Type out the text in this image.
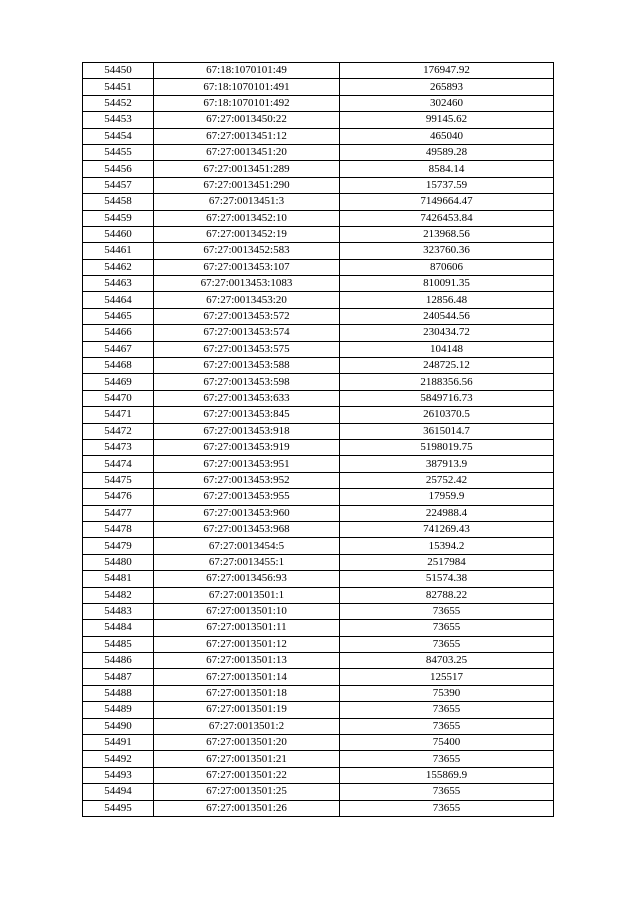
54450	67:18:1070101:49	176947.92
54451	67:18:1070101:491	265893
54452	67:18:1070101:492	302460
54453	67:27:0013450:22	99145.62
54454	67:27:0013451:12	465040
54455	67:27:0013451:20	49589.28
54456	67:27:0013451:289	8584.14
54457	67:27:0013451:290	15737.59
54458	67:27:0013451:3	7149664.47
54459	67:27:0013452:10	7426453.84
54460	67:27:0013452:19	213968.56
54461	67:27:0013452:583	323760.36
54462	67:27:0013453:107	870606
54463	67:27:0013453:1083	810091.35
54464	67:27:0013453:20	12856.48
54465	67:27:0013453:572	240544.56
54466	67:27:0013453:574	230434.72
54467	67:27:0013453:575	104148
54468	67:27:0013453:588	248725.12
54469	67:27:0013453:598	2188356.56
54470	67:27:0013453:633	5849716.73
54471	67:27:0013453:845	2610370.5
54472	67:27:0013453:918	3615014.7
54473	67:27:0013453:919	5198019.75
54474	67:27:0013453:951	387913.9
54475	67:27:0013453:952	25752.42
54476	67:27:0013453:955	17959.9
54477	67:27:0013453:960	224988.4
54478	67:27:0013453:968	741269.43
54479	67:27:0013454:5	15394.2
54480	67:27:0013455:1	2517984
54481	67:27:0013456:93	51574.38
54482	67:27:0013501:1	82788.22
54483	67:27:0013501:10	73655
54484	67:27:0013501:11	73655
54485	67:27:0013501:12	73655
54486	67:27:0013501:13	84703.25
54487	67:27:0013501:14	125517
54488	67:27:0013501:18	75390
54489	67:27:0013501:19	73655
54490	67:27:0013501:2	73655
54491	67:27:0013501:20	75400
54492	67:27:0013501:21	73655
54493	67:27:0013501:22	155869.9
54494	67:27:0013501:25	73655
54495	67:27:0013501:26	73655
